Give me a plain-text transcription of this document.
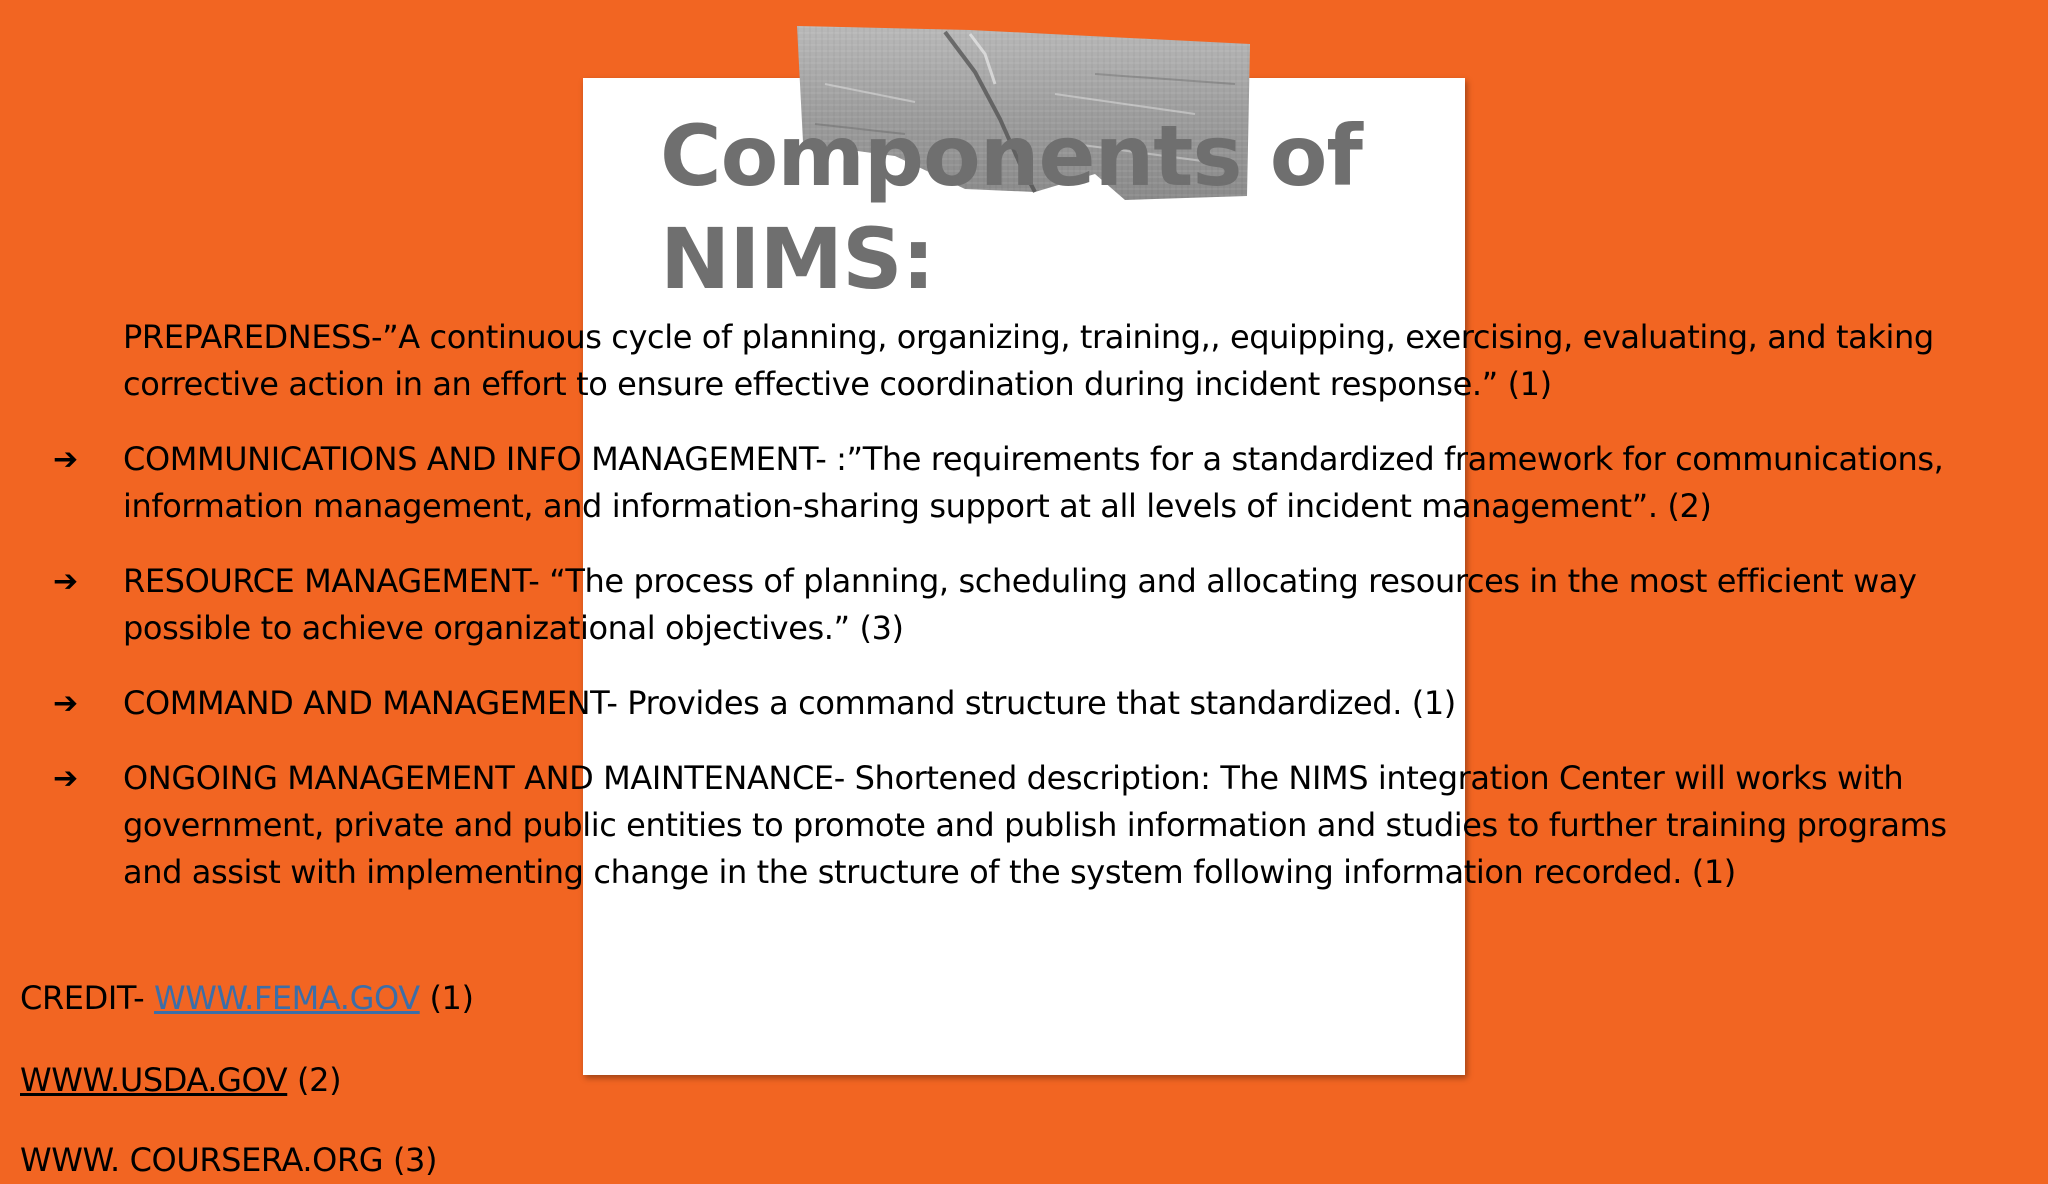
Components of NIMS:
PREPAREDNESS-”A continuous cycle of planning, organizing, training,, equipping, exercising, evaluating, and taking corrective action in an effort to ensure effective coordination during incident response.” (1)
➔ COMMUNICATIONS AND INFO MANAGEMENT- :”The requirements for a standardized framework for communications, information management, and information-sharing support at all levels of incident management”. (2)
➔ RESOURCE MANAGEMENT- “The process of planning, scheduling and allocating resources in the most efficient way possible to achieve organizational objectives.” (3)
➔ COMMAND AND MANAGEMENT- Provides a command structure that standardized. (1)
➔ ONGOING MANAGEMENT AND MAINTENANCE- Shortened description: The NIMS integration Center will works with government, private and public entities to promote and publish information and studies to further training programs and assist with implementing change in the structure of the system following information recorded. (1)

CREDIT- WWW.FEMA.GOV (1)

WWW.USDA.GOV (2)

WWW. COURSERA.ORG (3)
